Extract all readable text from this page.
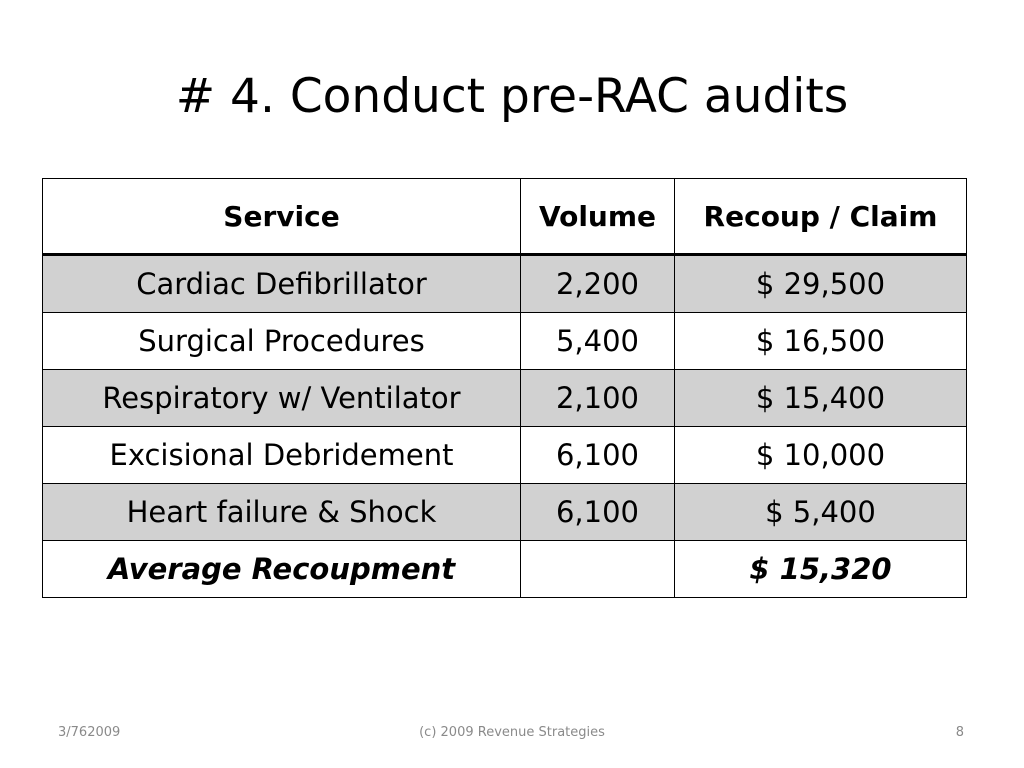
# 4. Conduct pre-RAC audits
Service	Volume	Recoup / Claim
Cardiac Defibrillator	2,200	$ 29,500
Surgical Procedures	5,400	$ 16,500
Respiratory w/ Ventilator	2,100	$ 15,400
Excisional Debridement	6,100	$ 10,000
Heart failure & Shock	6,100	$ 5,400
Average Recoupment		$ 15,320
3/762009	(c) 2009 Revenue Strategies	8
